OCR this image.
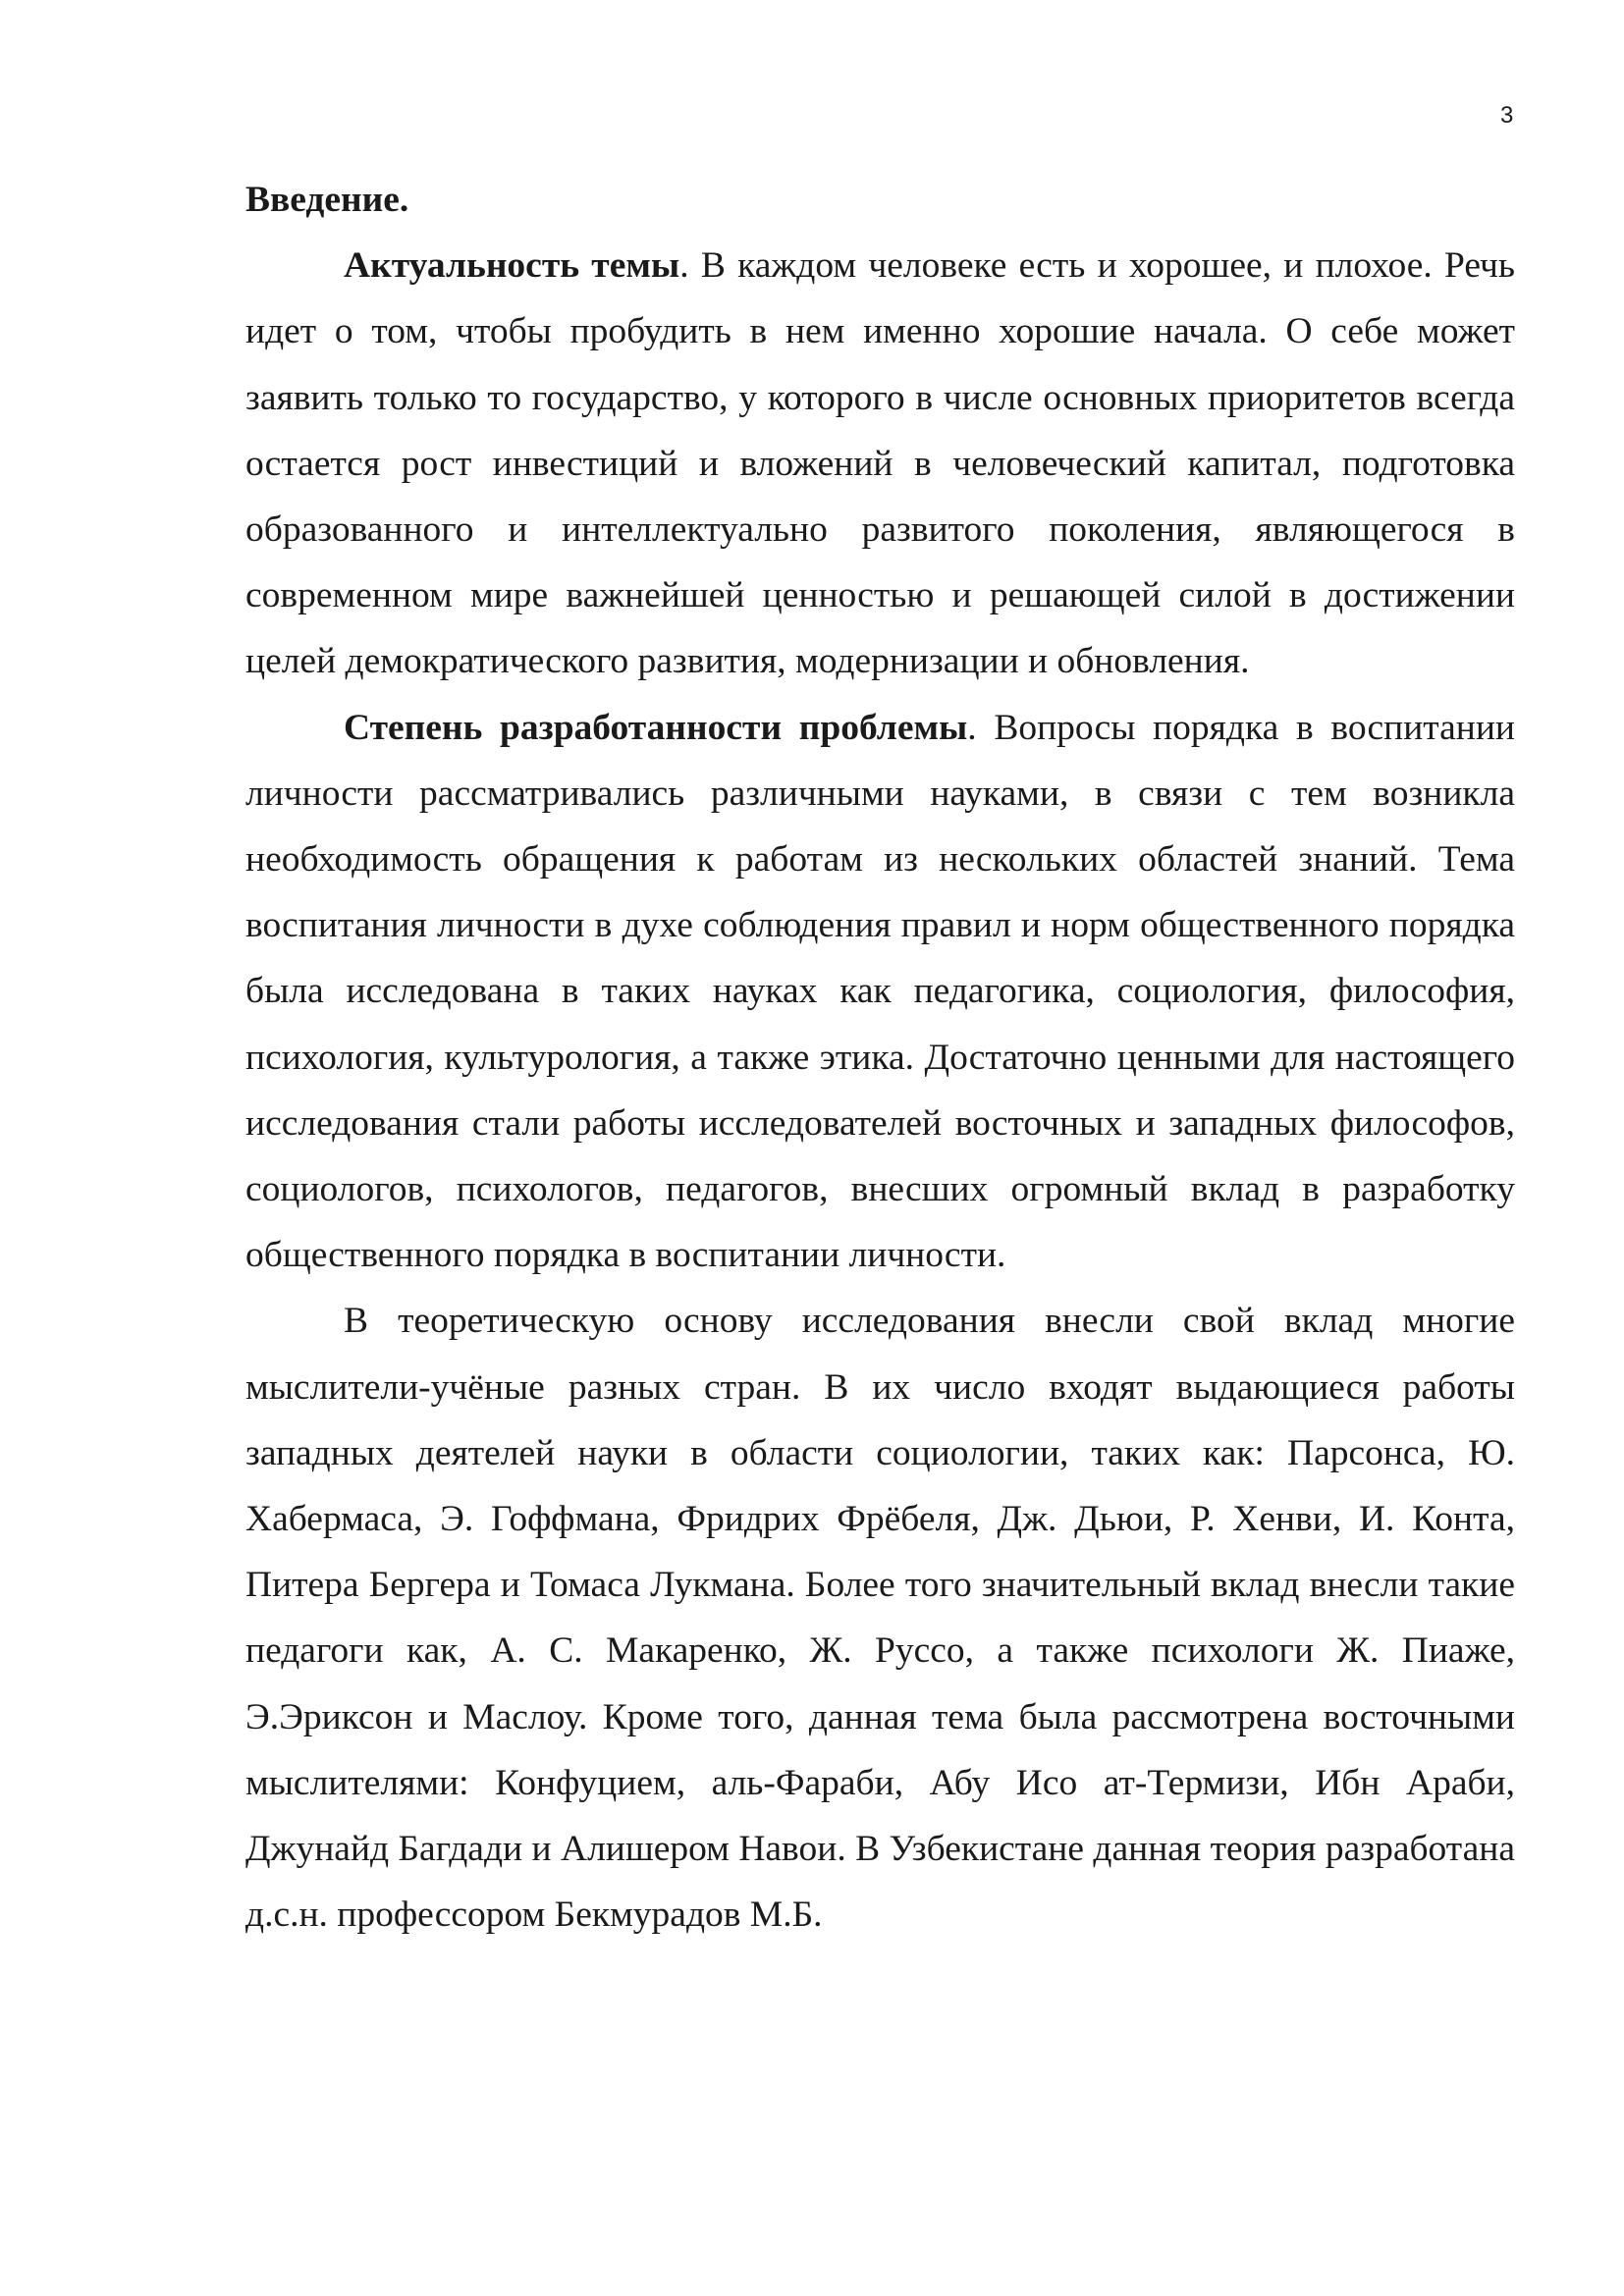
3

Введение.

Актуальность темы. В каждом человеке есть и хорошее, и плохое. Речь идет о том, чтобы пробудить в нем именно хорошие начала. О себе может заявить только то государство, у которого в числе основных приоритетов всегда остается рост инвестиций и вложений в человеческий капитал, подготовка образованного и интеллектуально развитого поколения, являющегося в современном мире важнейшей ценностью и решающей силой в достижении целей демократического развития, модернизации и обновления.

Степень разработанности проблемы. Вопросы порядка в воспитании личности рассматривались различными науками, в связи с тем возникла необходимость обращения к работам из нескольких областей знаний. Тема воспитания личности в духе соблюдения правил и норм общественного порядка была исследована в таких науках как педагогика, социология, философия, психология, культурология, а также этика. Достаточно ценными для настоящего исследования стали работы исследователей восточных и западных философов, социологов, психологов, педагогов, внесших огромный вклад в разработку общественного порядка в воспитании личности.

В теоретическую основу исследования внесли свой вклад многие мыслители-учёные разных стран. В их число входят выдающиеся работы западных деятелей науки в области социологии, таких как: Парсонса, Ю. Хабермаса, Э. Гоффмана, Фридрих Фрёбеля, Дж. Дьюи, Р. Хенви, И. Конта, Питера Бергера и Томаса Лукмана. Более того значительный вклад внесли такие педагоги как, А. С. Макаренко, Ж. Руссо, а также психологи Ж. Пиаже, Э.Эриксон и Маслоу. Кроме того, данная тема была рассмотрена восточными мыслителями: Конфуцием, аль-Фараби, Абу Исо ат-Термизи, Ибн Араби, Джунайд Багдади и Алишером Навои. В Узбекистане данная теория разработана д.с.н. профессором Бекмурадов М.Б.
